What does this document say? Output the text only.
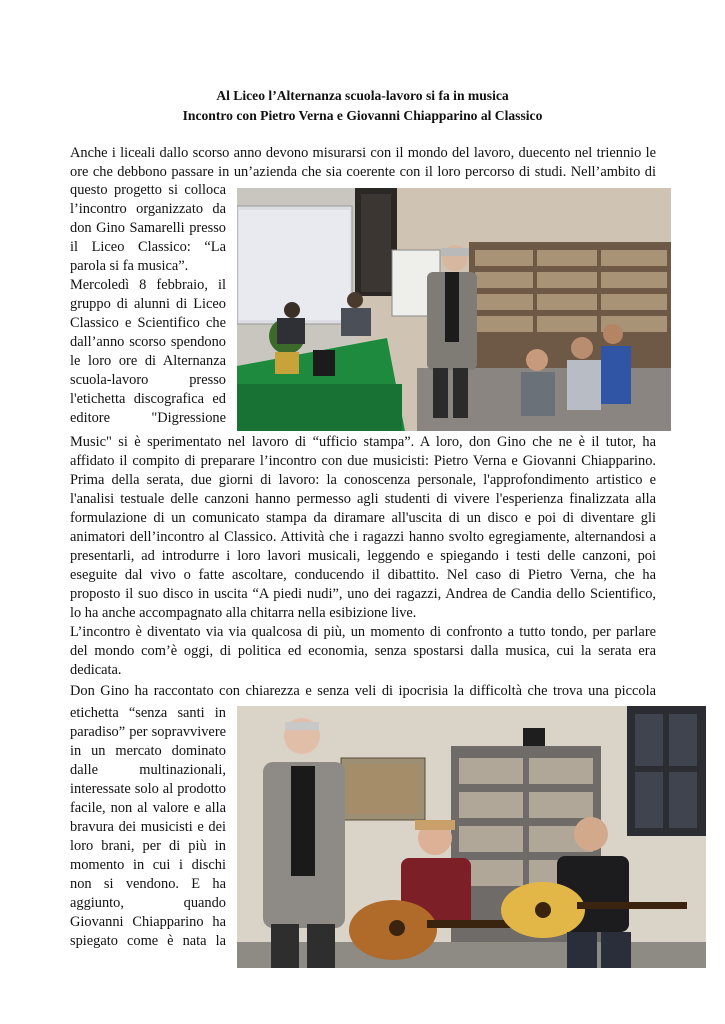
Al Liceo l’Alternanza scuola-lavoro si fa in musica
Incontro con Pietro Verna e Giovanni Chiapparino al Classico
Anche i liceali dallo scorso anno devono misurarsi con il mondo del lavoro, duecento nel triennio le
ore che debbono passare in un’azienda che sia coerente con il loro percorso di studi. Nell’ambito di
questo progetto si colloca
l’incontro organizzato da
don Gino Samarelli presso
il Liceo Classico: “La
parola si fa musica”.
Mercoledì 8 febbraio, il
gruppo di alunni di Liceo
Classico e Scientifico che
dall’anno scorso spendono
le loro ore di Alternanza
scuola-lavoro presso
l'etichetta discografica ed
editore "Digressione
Music" si è sperimentato nel lavoro di “ufficio stampa”. A loro, don Gino che ne è il tutor, ha
affidato il compito di preparare l’incontro con due musicisti: Pietro Verna e Giovanni Chiapparino.
Prima della serata, due giorni di lavoro: la conoscenza personale, l'approfondimento artistico e
l'analisi testuale delle canzoni hanno permesso agli studenti di vivere l'esperienza finalizzata alla
formulazione di un comunicato stampa da diramare all'uscita di un disco e poi di diventare gli
animatori dell’incontro al Classico. Attività che i ragazzi hanno svolto egregiamente, alternandosi a
presentarli, ad introdurre i loro lavori musicali, leggendo e spiegando i testi delle canzoni, poi
eseguite dal vivo o fatte ascoltare, conducendo il dibattito. Nel caso di Pietro Verna, che ha
proposto il suo disco in uscita “A piedi nudi”, uno dei ragazzi, Andrea de Candia dello Scientifico,
lo ha anche accompagnato alla chitarra nella esibizione live.
L’incontro è diventato via via qualcosa di più, un momento di confronto a tutto tondo, per parlare
del mondo com’è oggi, di politica ed economia, senza spostarsi dalla musica, cui la serata era
dedicata.
Don Gino ha raccontato con chiarezza e senza veli di ipocrisia la difficoltà che trova una piccola
etichetta “senza santi in
paradiso” per sopravvivere
in un mercato dominato
dalle multinazionali,
interessate solo al prodotto
facile, non al valore e alla
bravura dei musicisti e dei
loro brani, per di più in
momento in cui i dischi
non si vendono. E ha
aggiunto, quando
Giovanni Chiapparino ha
spiegato come è nata la
